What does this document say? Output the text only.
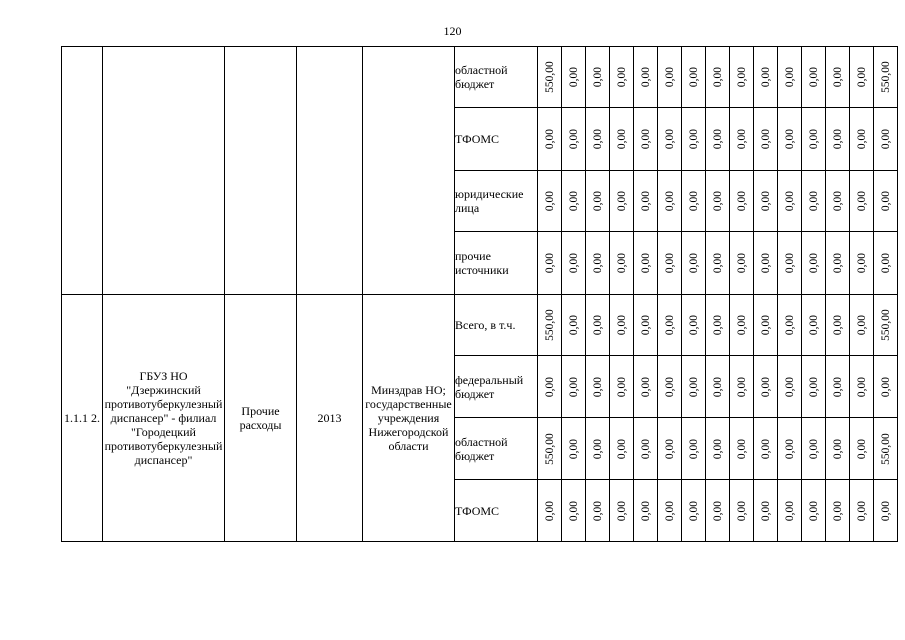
120
					областной бюджет	550,00	0,00	0,00	0,00	0,00	0,00	0,00	0,00	0,00	0,00	0,00	0,00	0,00	0,00	550,00

					ТФОМС	0,00	0,00	0,00	0,00	0,00	0,00	0,00	0,00	0,00	0,00	0,00	0,00	0,00	0,00	0,00

					юридические лица	0,00	0,00	0,00	0,00	0,00	0,00	0,00	0,00	0,00	0,00	0,00	0,00	0,00	0,00	0,00

					прочие источники	0,00	0,00	0,00	0,00	0,00	0,00	0,00	0,00	0,00	0,00	0,00	0,00	0,00	0,00	0,00

1.1.1 2.	ГБУЗ НО "Дзержинский противотуберкулезный диспансер" - филиал "Городецкий противотуберкулезный диспансер"	Прочие расходы	2013	Минздрав НО; государственные учреждения Нижегородской области	Всего, в т.ч.	550,00	0,00	0,00	0,00	0,00	0,00	0,00	0,00	0,00	0,00	0,00	0,00	0,00	0,00	550,00

					федеральный бюджет	0,00	0,00	0,00	0,00	0,00	0,00	0,00	0,00	0,00	0,00	0,00	0,00	0,00	0,00	0,00

					областной бюджет	550,00	0,00	0,00	0,00	0,00	0,00	0,00	0,00	0,00	0,00	0,00	0,00	0,00	0,00	550,00

					ТФОМС	0,00	0,00	0,00	0,00	0,00	0,00	0,00	0,00	0,00	0,00	0,00	0,00	0,00	0,00	0,00
